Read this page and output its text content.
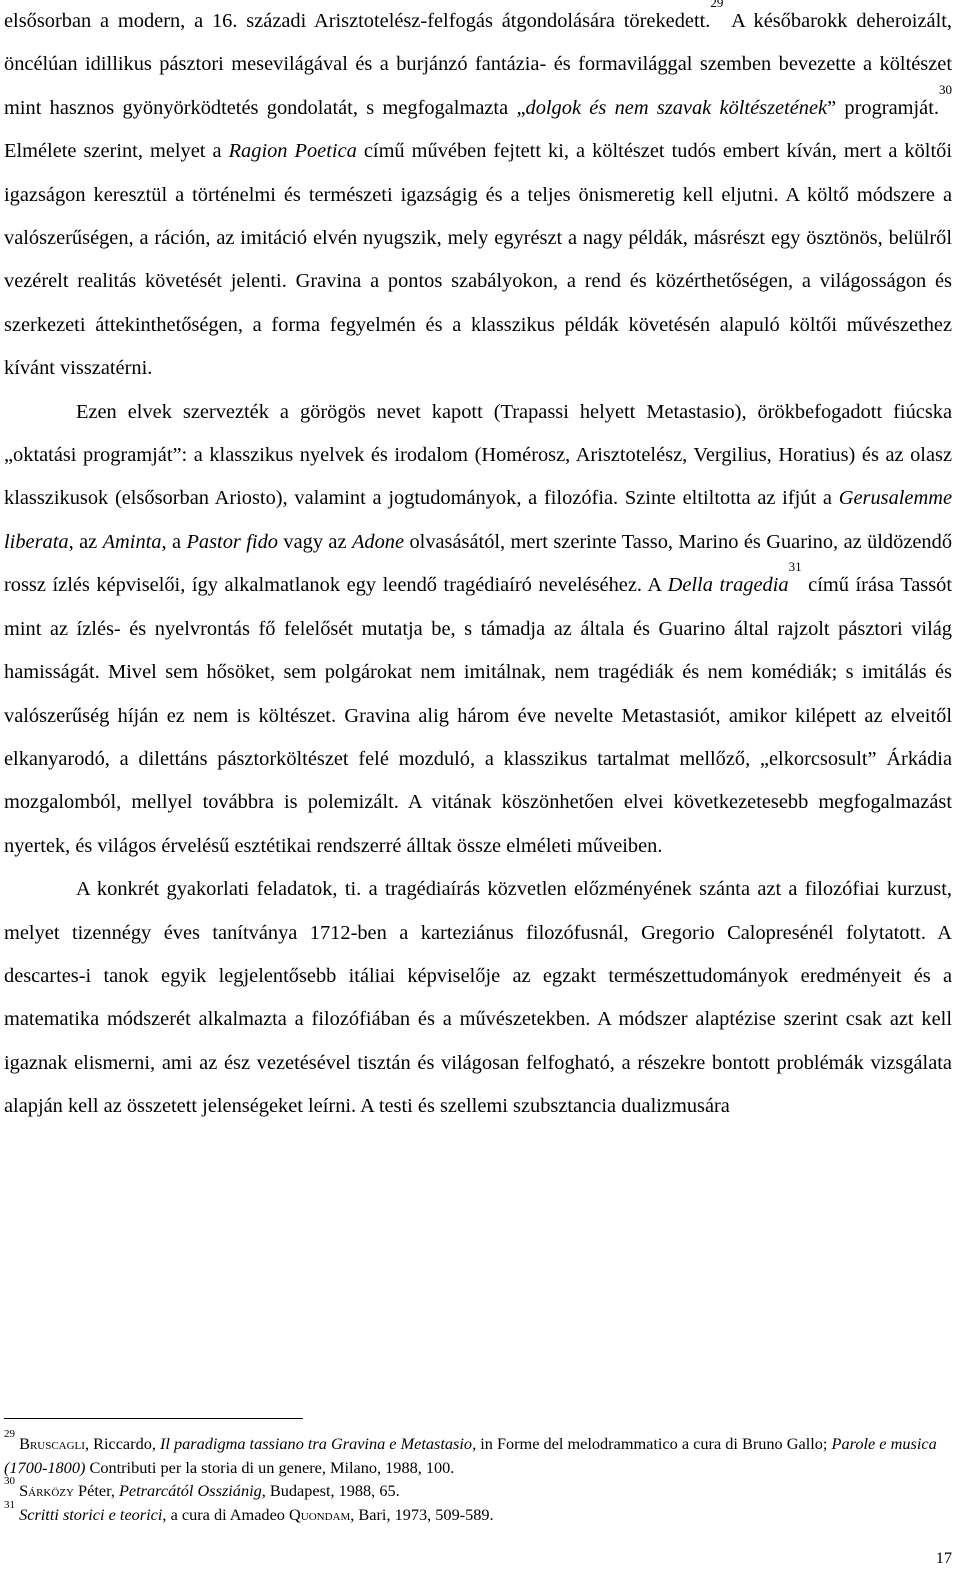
elsősorban a modern, a 16. századi Arisztotelész-felfogás átgondolására törekedett.$^{29}$ A későbarokk deheroizált, öncélúan idillikus pásztori mesevilágával és a burjánzó fantázia- és formavilággal szemben bevezette a költészet mint hasznos gyönyörködtetés gondolatát, s megfogalmazta „dolgok és nem szavak költészetének” programját.$^{30}$ Elmélete szerint, melyet a Ragion Poetica című művében fejtett ki, a költészet tudós embert kíván, mert a költői igazságon keresztül a történelmi és természeti igazságig és a teljes önismeretig kell eljutni. A költő módszere a valószerűségen, a ráción, az imitáció elvén nyugszik, mely egyrészt a nagy példák, másrészt egy ösztönös, belülről vezérelt realitás követését jelenti. Gravina a pontos szabályokon, a rend és közérthetőségen, a világosságon és szerkezeti áttekinthetőségen, a forma fegyelmén és a klasszikus példák követésén alapuló költői művészethez kívánt visszatérni.

Ezen elvek szervezték a görögös nevet kapott (Trapassi helyett Metastasio), örökbefogadott fiúcska „oktatási programját”: a klasszikus nyelvek és irodalom (Homérosz, Arisztotelész, Vergilius, Horatius) és az olasz klasszikusok (elsősorban Ariosto), valamint a jogtudományok, a filozófia. Szinte eltiltotta az ifjút a Gerusalemme liberata, az Aminta, a Pastor fido vagy az Adone olvasásától, mert szerinte Tasso, Marino és Guarino, az üldözendő rossz ízlés képviselői, így alkalmatlanok egy leendő tragédiaíró neveléséhez. A Della tragedia$^{31}$ című írása Tassót mint az ízlés- és nyelvrontás fő felelősét mutatja be, s támadja az általa és Guarino által rajzolt pásztori világ hamisságát. Mivel sem hősöket, sem polgárokat nem imitálnak, nem tragédiák és nem komédiák; s imitálás és valószerűség híján ez nem is költészet. Gravina alig három éve nevelte Metastasiót, amikor kilépett az elveitől elkanyarodó, a dilettáns pásztorköltészet felé mozduló, a klasszikus tartalmat mellőző, „elkorcsosult” Árkádia mozgalomból, mellyel továbbra is polemizált. A vitának köszönhetően elvei következetesebb megfogalmazást nyertek, és világos érvelésű esztétikai rendszerré álltak össze elméleti műveiben.

A konkrét gyakorlati feladatok, ti. a tragédiaírás közvetlen előzményének szánta azt a filozófiai kurzust, melyet tizennégy éves tanítványa 1712-ben a karteziánus filozófusnál, Gregorio Calopresénél folytatott. A descartes-i tanok egyik legjelentősebb itáliai képviselője az egzakt természettudományok eredményeit és a matematika módszerét alkalmazta a filozófiában és a művészetekben. A módszer alaptézise szerint csak azt kell igaznak elismerni, ami az ész vezetésével tisztán és világosan felfogható, a részekre bontott problémák vizsgálata alapján kell az összetett jelenségeket leírni. A testi és szellemi szubsztancia dualizmusára

$^{29}$ Bruscagli, Riccardo, Il paradigma tassiano tra Gravina e Metastasio, in Forme del melodrammatico a cura di Bruno Gallo; Parole e musica (1700-1800) Contributi per la storia di un genere, Milano, 1988, 100.

$^{30}$ Sárközy Péter, Petrarcától Ossziánig, Budapest, 1988, 65.

$^{31}$ Scritti storici e teorici, a cura di Amadeo Quondam, Bari, 1973, 509-589.

17
